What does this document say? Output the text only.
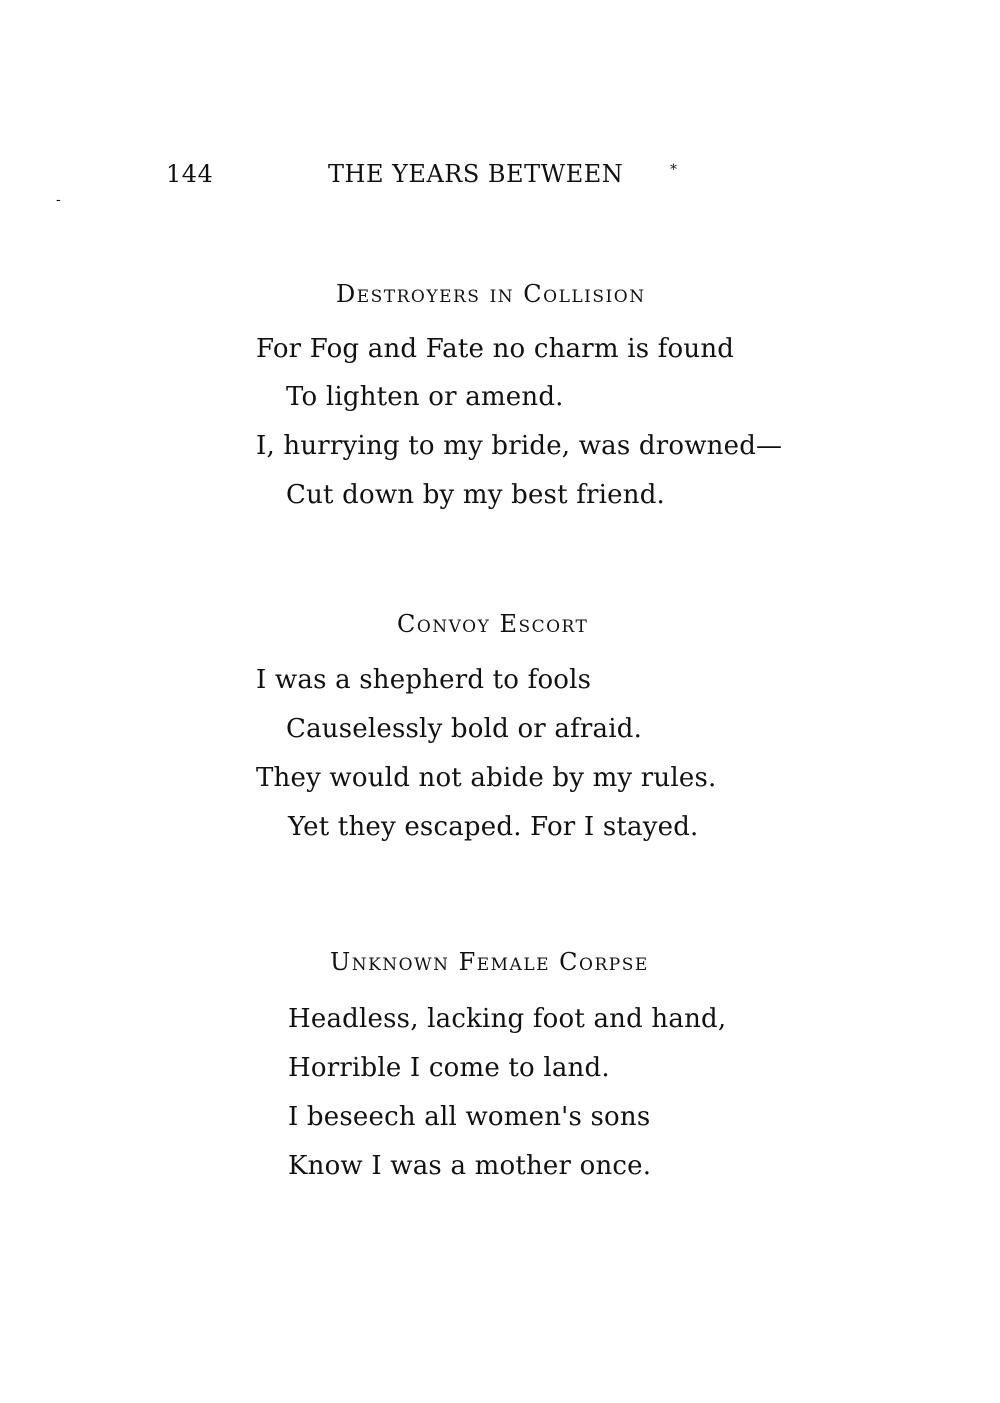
-
144	THE YEARS BETWEEN	*
Destroyers in Collision
For Fog and Fate no charm is found
To lighten or amend.
I, hurrying to my bride, was drowned—
Cut down by my best friend.
Convoy Escort
I was a shepherd to fools
Causelessly bold or afraid.
They would not abide by my rules.
Yet they escaped. For I stayed.
Unknown Female Corpse
Headless, lacking foot and hand,
Horrible I come to land.
I beseech all women's sons
Know I was a mother once.
